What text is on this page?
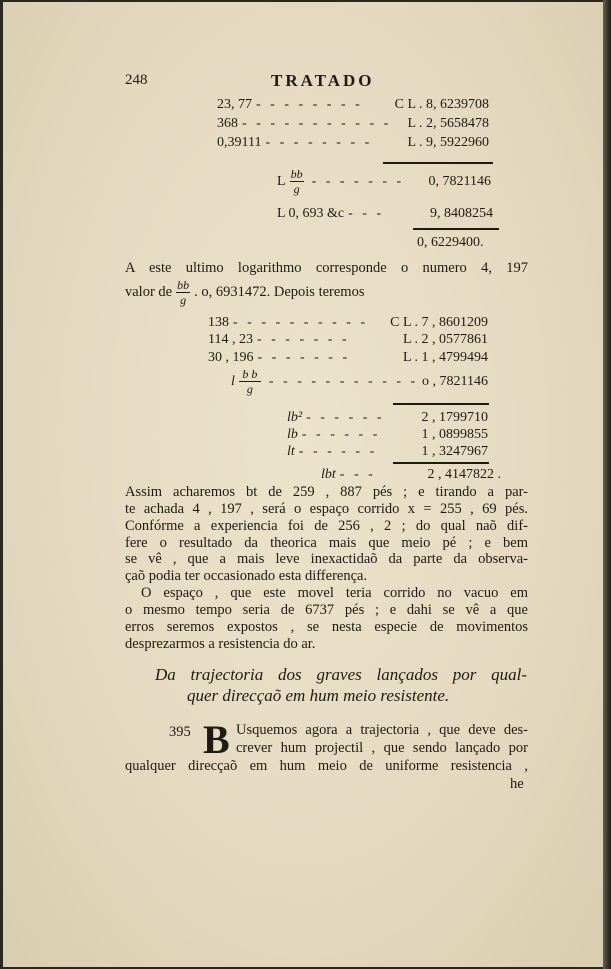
248	TRATADO
23, 77 - - - - - - - -	C L . 8, 6239708
368 - - - - - - - - - - -	L . 2, 5658478
0,39111 - - - - - - - -	L . 9, 5922960
L $\frac{bb}{g}$ - - - - - - -	0, 7821146
L 0, 693 &c - - -	9, 8408254
0, 6229400.
A este ultimo logarithmo corresponde o numero 4, 197
valor de $\frac{bb}{g}$ . o, 6931472. Depois teremos
138 - - - - - - - - - -	C L . 7 , 8601209
114 , 23 - - - - - - -	L . 2 , 0577861
30 , 196 - - - - - - -	L . 1 , 4799494
l $\frac{\text{b b}}{g}$ - - - - - - - - - - - o , 7821146
lb² - - - - - -	2 , 1799710
lb - - - - - -	1 , 0899855
lt - - - - - -	1 , 3247967
lbt - - -	2 , 4147822 .
Assim acharemos bt de 259 , 887 pés ; e tirando a par-
te achada 4 , 197 , será o espaço corrido x = 255 , 69 pés.
Confórme a experiencia foi de 256 , 2 ; do qual naõ dif-
fere o resultado da theorica mais que meio pé ; e bem
se vê , que a mais leve inexactidaõ da parte da observa-
çaõ podia ter occasionado esta differença.
O espaço , que este movel teria corrido no vacuo em
o mesmo tempo seria de 6737 pés ; e dahi se vê a que
erros seremos expostos , se nesta especie de movimentos
desprezarmos a resistencia do ar.
Da trajectoria dos graves lançados por qual-
quer direcçaõ em hum meio resistente.
395 B Usquemos agora a trajectoria , que deve des-
crever hum projectil , que sendo lançado por
qualquer direcçaõ em hum meio de uniforme resistencia ,
he
